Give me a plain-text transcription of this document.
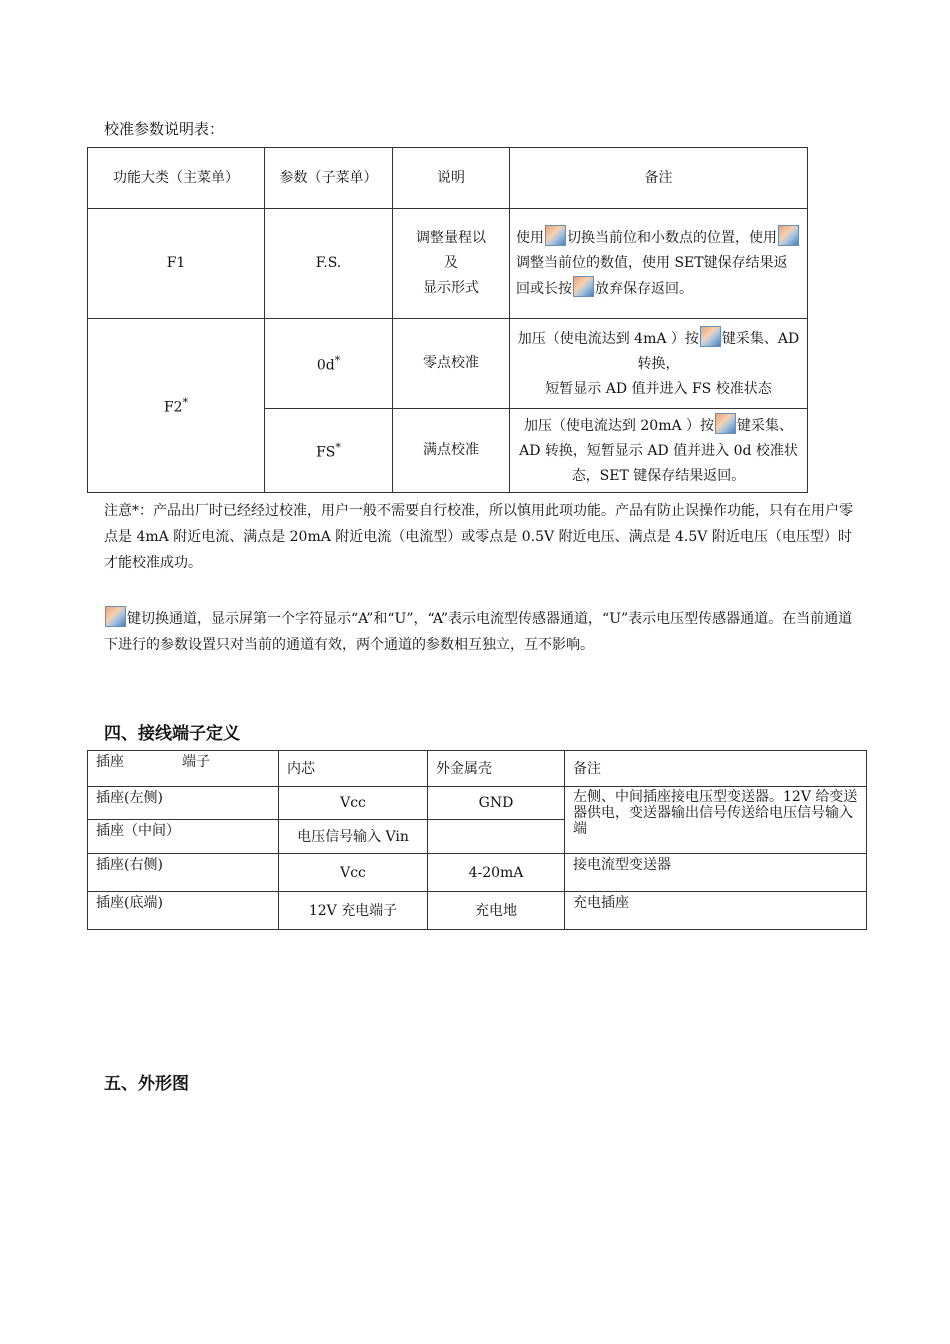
校准参数说明表：
功能大类（主菜单）	参数（子菜单）	说明	备注
F1	F.S.	调整量程以
及
显示形式	使用 切换当前位和小数点的位置，使用调整当前位的数值，使用 SET键保存结果返回或长按 放弃保存返回。
F2*	0d*	零点校准	加压（使电流达到 4mA ）按 键采集、AD 转换，
短暂显示 AD 值并进入 FS 校准状态
	FS*	满点校准	加压（使电流达到 20mA ）按 键采集、AD 转换，短暂显示 AD 值并进入 0d 校准状态，SET 键保存结果返回。
注意*：产品出厂时已经经过校准，用户一般不需要自行校准，所以慎用此项功能。产品有防止误操作功能，只有在用户零点是 4mA 附近电流、满点是 20mA 附近电流（电流型）或零点是 0.5V 附近电压、满点是 4.5V 附近电压（电压型）时才能校准成功。
键切换通道，显示屏第一个字符显示“A”和“U”，“A”表示电流型传感器通道，“U”表示电压型传感器通道。在当前通道下进行的参数设置只对当前的通道有效，两个通道的参数相互独立，互不影响。
四、接线端子定义
插座 端子	内芯	外金属壳	备注
插座(左侧)	Vcc	GND	左侧、中间插座接电压型变送器。12V 给变送器供电，变送器输出信号传送给电压信号输入端
插座（中间）	电压信号输入 Vin		
插座(右侧)	Vcc	4-20mA	接电流型变送器
插座(底端)	12V 充电端子	充电地	充电插座
五、外形图
